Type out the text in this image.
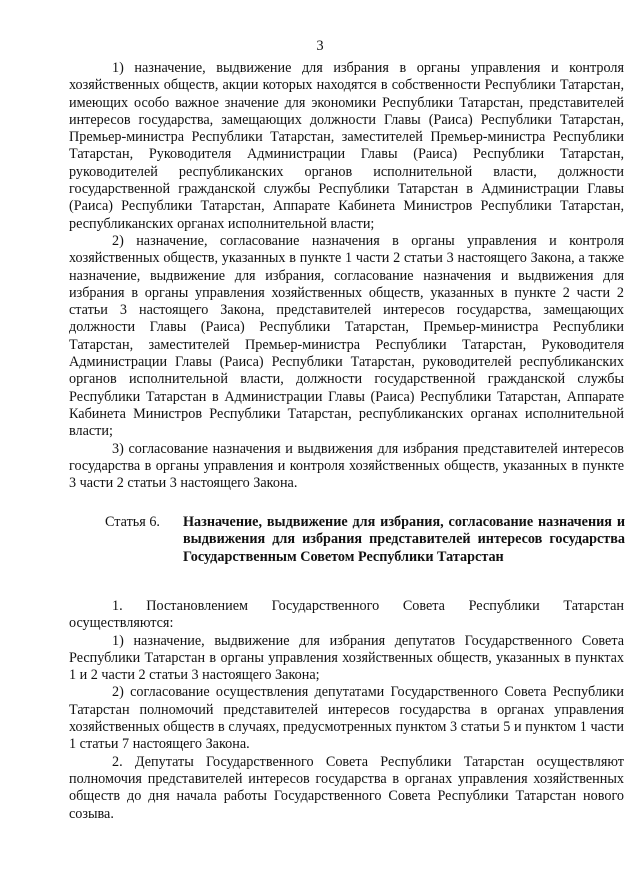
3

1) назначение, выдвижение для избрания в органы управления и контроля хозяйственных обществ, акции которых находятся в собственности Республики Татарстан, имеющих особо важное значение для экономики Республики Татарстан, представителей интересов государства, замещающих должности Главы (Раиса) Республики Татарстан, Премьер-министра Республики Татарстан, заместителей Премьер-министра Республики Татарстан, Руководителя Администрации Главы (Раиса) Республики Татарстан, руководителей республиканских органов исполнительной власти, должности государственной гражданской службы Республики Татарстан в Администрации Главы (Раиса) Республики Татарстан, Аппарате Кабинета Министров Республики Татарстан, республиканских органах исполнительной власти;

2) назначение, согласование назначения в органы управления и контроля хозяйственных обществ, указанных в пункте 1 части 2 статьи 3 настоящего Закона, а также назначение, выдвижение для избрания, согласование назначения и выдвижения для избрания в органы управления хозяйственных обществ, указанных в пункте 2 части 2 статьи 3 настоящего Закона, представителей интересов государства, замещающих должности Главы (Раиса) Республики Татарстан, Премьер-министра Республики Татарстан, заместителей Премьер-министра Республики Татарстан, Руководителя Администрации Главы (Раиса) Республики Татарстан, руководителей республиканских органов исполнительной власти, должности государственной гражданской службы Республики Татарстан в Администрации Главы (Раиса) Республики Татарстан, Аппарате Кабинета Министров Республики Татарстан, республиканских органах исполнительной власти;

3) согласование назначения и выдвижения для избрания представителей интересов государства в органы управления и контроля хозяйственных обществ, указанных в пункте 3 части 2 статьи 3 настоящего Закона.

Статья 6.	Назначение, выдвижение для избрания, согласование назначения и выдвижения для избрания представителей интересов государства Государственным Советом Республики Татарстан

1. Постановлением Государственного Совета Республики Татарстан осуществляются:

1) назначение, выдвижение для избрания депутатов Государственного Совета Республики Татарстан в органы управления хозяйственных обществ, указанных в пунктах 1 и 2 части 2 статьи 3 настоящего Закона;

2) согласование осуществления депутатами Государственного Совета Республики Татарстан полномочий представителей интересов государства в органах управления хозяйственных обществ в случаях, предусмотренных пунктом 3 статьи 5 и пунктом 1 части 1 статьи 7 настоящего Закона.

2. Депутаты Государственного Совета Республики Татарстан осуществляют полномочия представителей интересов государства в органах управления хозяйственных обществ до дня начала работы Государственного Совета Республики Татарстан нового созыва.
